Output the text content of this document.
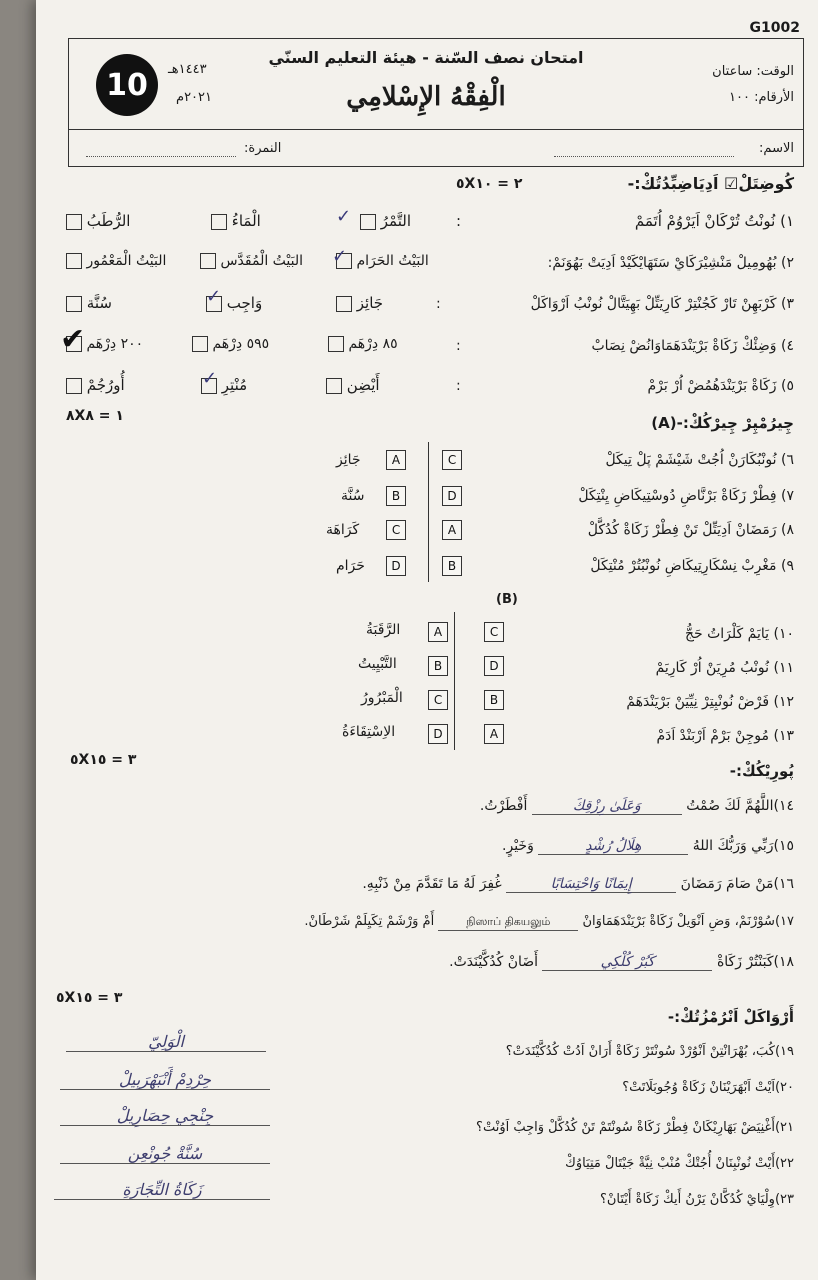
G1002
10	١٤٤٣هـ
٢٠٢١م
امتحان نصف السّنة - هيئة التعليم السنّي
الْفِقْهُ الإِسْلامِي
الوقت: ساعتان
الأرقام: ١٠٠
الاسم:
النمرة:
كُوضِتَلْ☑ اَدِيَاضِبِّدُتُكْ:-
٥X٢ = ١٠
١) نُونْتُ تُرْكَانْ اَيَرْوُمْ اُتَمَمْ
:
التَّمْرُ
✓
الْمَاءُ
الرُّطَبُ
٢) بُهُومِيلْ مَنْشِيْرَكَايْ سَتَهَايْكَيْدْ اَدِيَتْ بَهُوَنَمْ:
البَيْتُ الحَرَام
✓
البَيْتُ الْمُقَدَّس
البَيْتُ الْمَعْمُور
٣) كَرْبَهِنْ تَارْ كَجُنْتِرْ كَارِيَتِّلْ بَهِيَتَّالْ نُونْبُ اَرْوَاكَلْ
:
جَائِز
وَاجِب
✓
سُنَّة
٤) وَضِئْكْ زَكَاةْ بَرْيَنْدَهَمَاوَانُضْ نِصَابْ
:
٨٥ دِرْهَم
٥٩٥ دِرْهَم
٢٠٠ دِرْهَم
✔
٥) زَكَاةْ بَرْيَنْدَهُمُضْ اُرْ بَرْمْ
:
أَيْضِن
مُنْتِرِ
✓
أُورُجُمْ
٨X١ = ٨	چِيرُمْپِرْ چِيرْكُكْ:-(A)
٦) نُونْبُكَارَنْ اُجُتْ شَيْشَمْ پَلْ تِيكَلْ
C
A
جَائِز
٧) فِطْرْ زَكَاةْ بَرْنَّاضِ دُوسْتِيكَاضِ يِنْتِكَلْ
D
B
سُنَّة
٨) رَمَضَانْ اَدِيَتِّلْ تَنْ فِطْرْ زَكَاةْ كُدُكَّلْ
A
C
كَرَاهَة
٩) مَغْرِبْ نِسْكَارِتِيكَاضِ نُونْبُتُرْ مُنْتِكَلْ
B
D
حَرَام
(B)
١٠) يَايَمْ كَلْرَاتُ حَجُّ
C
A
الرَّقَبَةُ
١١) نُونْبُ مُرِيَنْ اُرْ كَارِيَمْ
D
B
التَّبْيِيتُ
١٢) فَرْضْ نُونْبِتِرْ نِيِّيَنْ بَرْيَنْدَهَمْ
B
C
الْمَبْرُورُ
١٣) مُوجِنْ بَرْمْ اَرْبَنْدْ اَدَمْ
A
D
الاِسْتِقَاءَةُ
٥X٣ = ١٥
پُورِيْكُكْ:-
١٤)اللَّهُمَّ لَكَ صُمْتُ وَعَلَىٰ رِزْقِكَ أَفْطَرْتُ.
١٥)رَبِّي وَرَبُّكَ اللهُ هِلَالُ رُشْدٍ وَخَيْرٍ.
١٦)مَنْ صَامَ رَمَضَانَ إِيمَانًا وَاحْتِسَابًا غُفِرَ لَهُ مَا تَقَدَّمَ مِنْ ذَنْبِهِ.
١٧)سُوْرْنَمْ، وَضِ اَنْوَيلْ زَكَاةْ بَرْيَنْدَهَمَاوَانْ நிஸாப் திகயலும் أَمْ وَرْشَمْ تِكَيِلَمْ شَرْطَانْ.
١٨)كَبَنْتُرْ زَكَاةْ كَبُرْ كُلْكِي أَضَانْ كُدُكَّيْنَدَتْ.
٥X٣ = ١٥
أَرْوَاكَلْ اَنْرُمْزُتُكْ:-
١٩)كُبَ، بُهْرَانْتِنْ اَنْوُرْدْ سُونْتَرْ زَكَاةْ أَرَانْ اَدُتْ كُدُكَّيْنَدَتْ؟
٢٠)اَيْتْ اَبْهَرَيْنَانْ زَكَاةْ وُجُوبَلَاتَتْ؟
٢١)أَغْنِيَضْ بَهَارِيْكَانْ فِطْرْ زَكَاةْ سُونْتَمْ تَنْ كُدُكَّلْ وَاجِبْ اَوُنْتْ؟
٢٢)أَيْتْ نُونْبِنَانْ أُجُتْكْ مُنْبْ نِيَّةْ جَيْتَالْ مَتِيَاوُكْ
٢٣)وِلْيَايْ كُدُكَّانْ يَرْنُ أَيكْ زَكَاةْ أَيْتَانْ؟
الْوَلِيّ
حِرْدِمْ أَنْبَهْرَبِيلْ
جِنْجِي حِصَارِيلْ
سُنَّةْ جُونْعِن
زَكَاةُ التِّجَارَةِ
